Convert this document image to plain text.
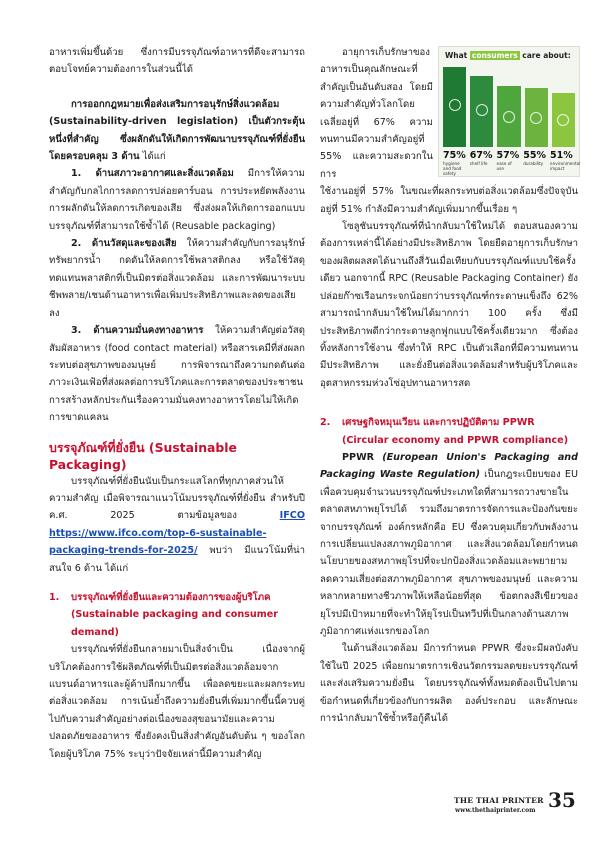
อาหารเพิ่มขึ้นด้วย ซึ่งการมีบรรจุภัณฑ์อาหารที่ดีจะสามารถตอบโจทย์ความต้องการในส่วนนี้ได้

การออกกฎหมายเพื่อส่งเสริมการอนุรักษ์สิ่งแวดล้อม (Sustainability-driven legislation) เป็นตัวกระตุ้นหนึ่งที่สำคัญ ซึ่งผลักดันให้เกิดการพัฒนาบรรจุภัณฑ์ที่ยั่งยืน โดยครอบคลุม 3 ด้าน ได้แก่

1. ด้านสภาวะอากาศและสิ่งแวดล้อม มีการให้ความสำคัญกับกลไกการลดการปล่อยคาร์บอน การประหยัดพลังงาน การผลักดันให้ลดการเกิดของเสีย ซึ่งส่งผลให้เกิดการออกแบบบรรจุภัณฑ์ที่สามารถใช้ซ้ำได้ (Reusable packaging)

2. ด้านวัสดุและของเสีย ให้ความสำคัญกับการอนุรักษ์ทรัพยากรน้ำ กดดันให้ลดการใช้พลาสติกลง หรือใช้วัสดุทดแทนพลาสติกที่เป็นมิตรต่อสิ่งแวดล้อม และการพัฒนาระบบชีพพลาย/เชนด้านอาหารเพื่อเพิ่มประสิทธิภาพและลดของเสียลง

3. ด้านความมั่นคงทางอาหาร ให้ความสำคัญต่อวัสดุสัมผัสอาหาร (food contact material) หรือสารเคมีที่ส่งผลกระทบต่อสุขภาพของมนุษย์ การพิจารณาถึงความกดดันต่อภาวะเงินเฟ้อที่ส่งผลต่อการบริโภคและการตลาดของประชาชน การสร้างหลักประกันเรื่องความมั่นคงทางอาหารโดยไม่ให้เกิดการขาดแคลน

บรรจุภัณฑ์ที่ยั่งยืน (Sustainable Packaging)

บรรจุภัณฑ์ที่ยั่งยืนนับเป็นกระแสโลกที่ทุกภาคส่วนให้ความสำคัญ เมื่อพิจารณาแนวโน้มบรรจุภัณฑ์ที่ยั่งยืน สำหรับปี ค.ศ. 2025 ตามข้อมูลของ IFCO https://www.ifco.com/top-6-sustainable-packaging-trends-for-2025/ พบว่า มีแนวโน้มที่น่าสนใจ 6 ด้าน ได้แก่

1.	บรรจุภัณฑ์ที่ยั่งยืนและความต้องการของผู้บริโภค (Sustainable packaging and consumer demand)

บรรจุภัณฑ์ที่ยั่งยืนกลายมาเป็นสิ่งจำเป็น เนื่องจากผู้บริโภคต้องการใช้ผลิตภัณฑ์ที่เป็นมิตรต่อสิ่งแวดล้อมจากแบรนด์อาหารและผู้ค้าปลีกมากขึ้น เพื่อลดขยะและผลกระทบต่อสิ่งแวดล้อม การเน้นย้ำถึงความยั่งยืนที่เพิ่มมากขึ้นนี้ควบคู่ไปกับความสำคัญอย่างต่อเนื่องของสุขอนามัยและความปลอดภัยของอาหาร ซึ่งยังคงเป็นสิ่งสำคัญอันดับต้น ๆ ของโลก โดยผู้บริโภค 75% ระบุว่าปัจจัยเหล่านี้มีความสำคัญ

อายุการเก็บรักษาของอาหารเป็นคุณลักษณะที่สำคัญเป็นอันดับสอง โดยมีความสำคัญทั่วโลกโดยเฉลี่ยอยู่ที่ 67% ความทนทานมีความสำคัญอยู่ที่ 55% และความสะดวกในการ

ใช้งานอยู่ที่ 57% ในขณะที่ผลกระทบต่อสิ่งแวดล้อมซึ่งปัจจุบันอยู่ที่ 51% กำลังมีความสำคัญเพิ่มมากขึ้นเรื่อย ๆ

โซลูชันบรรจุภัณฑ์ที่นำกลับมาใช้ใหม่ได้ ตอบสนองความต้องการเหล่านี้ได้อย่างมีประสิทธิภาพ โดยยืดอายุการเก็บรักษาของผลิตผลสดได้นานถึงสี่วันเมื่อเทียบกับบรรจุภัณฑ์แบบใช้ครั้งเดียว นอกจากนี้ RPC (Reusable Packaging Container) ยังปล่อยก๊าซเรือนกระจกน้อยกว่าบรรจุภัณฑ์กระดาษแข็งถึง 62% สามารถนำกลับมาใช้ใหม่ได้มากกว่า 100 ครั้ง ซึ่งมีประสิทธิภาพดีกว่ากระดาษลูกฟูกแบบใช้ครั้งเดียวมาก ซึ่งต้องทิ้งหลังการใช้งาน ซึ่งทำให้ RPC เป็นตัวเลือกที่มีความทนทาน มีประสิทธิภาพ และยั่งยืนต่อสิ่งแวดล้อมสำหรับผู้บริโภคและอุตสาหกรรมห่วงโซ่อุปทานอาหารสด

2.	เศรษฐกิจหมุนเวียน และการปฏิบัติตาม PPWR (Circular economy and PPWR compliance)

PPWR (European Union's Packaging and Packaging Waste Regulation) เป็นกฎระเบียบของ EU เพื่อควบคุมจำนวนบรรจุภัณฑ์ประเภทใดที่สามารถวางขายในตลาดสหภาพยุโรปได้ รวมถึงมาตรการจัดการและป้องกันขยะจากบรรจุภัณฑ์ องค์กรหลักคือ EU ซึ่งควบคุมเกี่ยวกับพลังงาน การเปลี่ยนแปลงสภาพภูมิอากาศ และสิ่งแวดล้อมโดยกำหนดนโยบายของสหภาพยุโรปที่จะปกป้องสิ่งแวดล้อมและพยายามลดความเสี่ยงต่อสภาพภูมิอากาศ สุขภาพของมนุษย์ และความหลากหลายทางชีวภาพให้เหลือน้อยที่สุด ข้อตกลงสีเขียวของยุโรปมีเป้าหมายที่จะทำให้ยุโรปเป็นทวีปที่เป็นกลางด้านสภาพภูมิอากาศแห่งแรกของโลก

ในด้านสิ่งแวดล้อม มีการกำหนด PPWR ซึ่งจะมีผลบังคับใช้ในปี 2025 เพื่อยกมาตรการเชิงนวัตกรรมลดขยะบรรจุภัณฑ์และส่งเสริมความยั่งยืน โดยบรรจุภัณฑ์ทั้งหมดต้องเป็นไปตามข้อกำหนดที่เกี่ยวข้องกับการผลิต องค์ประกอบ และลักษณะการนำกลับมาใช้ซ้ำหรือกู้คืนได้

What consumers care about:
75%
hygiene and food safety
67%
shelf life
57%
ease of use
55%
durability
51%
environmental impact
THE THAI PRINTER
www.thethaiprinter.com 35
